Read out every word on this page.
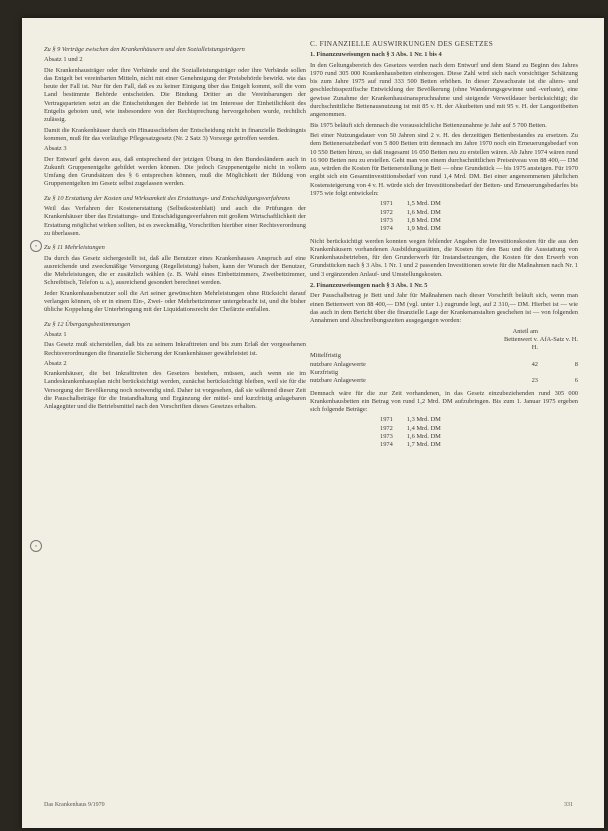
◦
◦
Zu § 9 Verträge zwischen den Krankenhäusern und den Sozialleistungsträgern
Absatz 1 und 2

Die Krankenhausträger oder ihre Verbände und die Sozialleistungsträger oder ihre Verbände sollen das Entgelt bei vereinbarten Mitteln, nicht mit einer Genehmigung der Preisbehörde bewirkt. wie das heute der Fall ist. Nur für den Fall, daß es zu keiner Einigung über das Entgelt kommt, soll die vom Land bestimmte Behörde entscheiden. Die Bindung Dritter an die Vereinbarungen der Vertragsparteien setzt an die Entscheidungen der Behörde ist im Interesse der Einheitlichkeit des Entgelts geboten und, wie insbesondere von der Rechtsprechung hervorgehoben wurde, rechtlich zulässig.

Damit die Krankenhäuser durch ein Hinausschieben der Entscheidung nicht in finanzielle Bedrängnis kommen, muß für das vorläufige Pflegesatzgesetz (Nr. 2 Satz 3) Vorsorge getroffen werden.

Absatz 3

Der Entwurf geht davon aus, daß entsprechend der jetzigen Übung in den Bundesländern auch in Zukunft Gruppenentgelte gebildet werden können. Die jedoch Gruppenentgelte nicht in vollem Umfang den Grundsätzen des § 6 entsprechen können, muß die Möglichkeit der Bildung von Gruppenentgelten im Gesetz selbst zugelassen werden.

Zu § 10 Erstattung der Kosten und Wirksamkeit des Erstattungs- und Entschädigungsverfahrens

Weil das Verfahren der Kostenerstattung (Selbstkostenblatt) und auch die Prüfungen der Krankenhäuser über das Erstattungs- und Entschädigungsverfahren mit großem Wirtschaftlichkeit der Erstattung möglichst wirken sollten, ist es zweckmäßig, Vorschriften hierüber einer Rechtsverordnung zu überlassen.

Zu § 11 Mehrleistungen

Da durch das Gesetz sichergestellt ist, daß alle Benutzer eines Krankenhauses Anspruch auf eine ausreichende und zweckmäßige Versorgung (Regelleistung) haben, kann der Wunsch der Benutzer, die Mehrleistungen, die er zusätzlich wählen (z. B. Wahl eines Einbettzimmers, Zweibettzimmer, Schreibtisch, Telefon u. a.), ausreichend gesondert berechnet werden.

Jeder Krankenhausbenutzer soll die Art seiner gewünschten Mehrleistungen ohne Rücksicht darauf verlangen können, ob er in einem Ein-, Zwei- oder Mehrbettzimmer untergebracht ist, und die bisher übliche Koppelung der Unterbringung mit der Liquidationsrecht der Chefärzte entfallen.

Zu § 12 Übergangsbestimmungen
Absatz 1

Das Gesetz muß sicherstellen, daß bis zu seinem Inkrafttreten und bis zum Erlaß der vorgesehenen Rechtsverordnungen die finanzielle Sicherung der Krankenhäuser gewährleistet ist.

Absatz 2

Krankenhäuser, die bei Inkrafttreten des Gesetzes bestehen, müssen, auch wenn sie im Landeskrankenhausplan nicht berücksichtigt werden, zunächst berücksichtigt bleiben, weil sie für die Versorgung der Bevölkerung noch notwendig sind. Daher ist vorgesehen, daß sie während dieser Zeit die Pauschalbeträge für die Instandhaltung und Ergänzung der mittel- und kurzfristig anlagebaren Anlagegüter und die Betriebsmittel nach den Vorschriften dieses Gesetzes erhalten.

C. FINANZIELLE AUSWIRKUNGEN DES GESETZES
1. Finanzzuweisungen nach § 3 Abs. 1 Nr. 1 bis 4

In den Geltungsbereich des Gesetzes werden nach dem Entwurf und dem Stand zu Beginn des Jahres 1970 rund 305 000 Krankenhausbetten einbezogen. Diese Zahl wird sich nach vorsichtiger Schätzung bis zum Jahre 1975 auf rund 333 500 Betten erhöhen. In dieser Zuwachsrate ist die alters- und geschlechtsspezifische Entwicklung der Bevölkerung (ohne Wanderungsgewinne und -verluste), eine gewisse Zunahme der Krankenhausinanspruchnahme und steigende Verweildauer berücksichtigt; die durchschnittliche Bettenausnutzung ist mit 85 v. H. der Akutbetten und mit 95 v. H. der Langzeitbetten angenommen.

Bis 1975 beläuft sich demnach die voraussichtliche Bettenzunahme je Jahr auf 5 700 Betten.

Bei einer Nutzungsdauer von 50 Jahren sind 2 v. H. des derzeitigen Bettenbestandes zu ersetzen. Zu dem Bettenersatzbedarf von 5 800 Betten tritt demnach im Jahre 1970 noch ein Erneuerungsbedarf von 10 550 Betten hinzu, so daß insgesamt 16 050 Betten neu zu erstellen wären. Ab Jahre 1974 wären rund 16 900 Betten neu zu erstellen. Geht man von einem durchschnittlichen Preisniveau von 88 400,— DM aus, würden die Kosten für Bettenerstellung je Bett — ohne Grundstück — bis 1975 ansteigen. Für 1970 ergibt sich ein Gesamtinvestitionsbedarf von rund 1,4 Mrd. DM. Bei einer angenommenen jährlichen Kostensteigerung von 4 v. H. würde sich der Investitionsbedarf der Betten- und Erneuerungsbedarfes bis 1975 wie folgt entwickeln:

1971	1,5 Mrd. DM
1972	1,6 Mrd. DM
1973	1,8 Mrd. DM
1974	1,9 Mrd. DM

Nicht berücksichtigt werden konnten wegen fehlender Angaben die Investitionskosten für die aus den Krankenhäusern vorhandenen Ausbildungsstätten, die Kosten für den Bau und die Ausstattung von Krankenhausbetrieben, für den Grunderwerb für Instandsetzungen, die Kosten für den Erwerb von Grundstücken nach § 3 Abs. 1 Nr. 1 und 2 passenden Investitionen sowie für die Maßnahmen nach Nr. 1 und 3 ergänzenden Anlauf- und Umstellungskosten.

2. Finanzzuweisungen nach § 3 Abs. 1 Nr. 5

Der Pauschalbetrag je Bett und Jahr für Maßnahmen nach dieser Vorschrift beläuft sich, wenn man einen Bettenwert von 88 400,— DM (vgl. unter 1.) zugrunde legt, auf 2 310,— DM. Hierbei ist — wie das auch in dem Bericht über die finanzielle Lage der Krankenanstalten geschehen ist — von folgenden Annahmen und Abschreibungszeiten ausgegangen worden:

	Anteil am Bettenwert v. H.	AfA-Satz v. H.
Mittelfristig		
nutzbare Anlagewerte	42	8
Kurzfristig		
nutzbare Anlagewerte	23	6

Demnach wäre für die zur Zeit vorhandenen, in das Gesetz einzubeziehenden rund 305 000 Krankenhausbetten ein Betrag von rund 1,2 Mrd. DM aufzubringen. Bis zum 1. Januar 1975 ergeben sich folgende Beträge:

1971	1,3 Mrd. DM
1972	1,4 Mrd. DM
1973	1,6 Mrd. DM
1974	1,7 Mrd. DM
Das Krankenhaus 9/1970	331
